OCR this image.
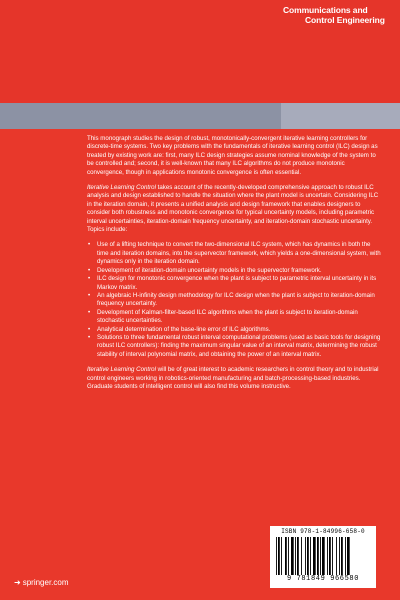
Communications and
Control Engineering

This monograph studies the design of robust, monotonically-convergent iterative learning controllers for discrete-time systems. Two key problems with the fundamentals of iterative learning control (ILC) design as treated by existing work are: first, many ILC design strategies assume nominal knowledge of the system to be controlled and; second, it is well-known that many ILC algorithms do not produce monotonic convergence, though in applications monotonic convergence is often essential.

Iterative Learning Control takes account of the recently-developed comprehensive approach to robust ILC analysis and design established to handle the situation where the plant model is uncertain. Considering ILC in the iteration domain, it presents a unified analysis and design framework that enables designers to consider both robustness and monotonic convergence for typical uncertainty models, including parametric interval uncertainties, iteration-domain frequency uncertainty, and iteration-domain stochastic uncertainty. Topics include:

• Use of a lifting technique to convert the two-dimensional ILC system, which has dynamics in both the time and iteration domains, into the supervector framework, which yields a one-dimensional system, with dynamics only in the iteration domain.
• Development of iteration-domain uncertainty models in the supervector framework.
• ILC design for monotonic convergence when the plant is subject to parametric interval uncertainty in its Markov matrix.
• An algebraic H-infinity design methodology for ILC design when the plant is subject to iteration-domain frequency uncertainty.
• Development of Kalman-filter-based ILC algorithms when the plant is subject to iteration-domain stochastic uncertainties.
• Analytical determination of the base-line error of ILC algorithms.
• Solutions to three fundamental robust interval computational problems (used as basic tools for designing robust ILC controllers): finding the maximum singular value of an interval matrix, determining the robust stability of interval polynomial matrix, and obtaining the power of an interval matrix.

Iterative Learning Control will be of great interest to academic researchers in control theory and to industrial control engineers working in robotics-oriented manufacturing and batch-processing-based industries. Graduate students of intelligent control will also find this volume instructive.

ISBN 978-1-84996-658-0
9 781849 966580
➜ springer.com
